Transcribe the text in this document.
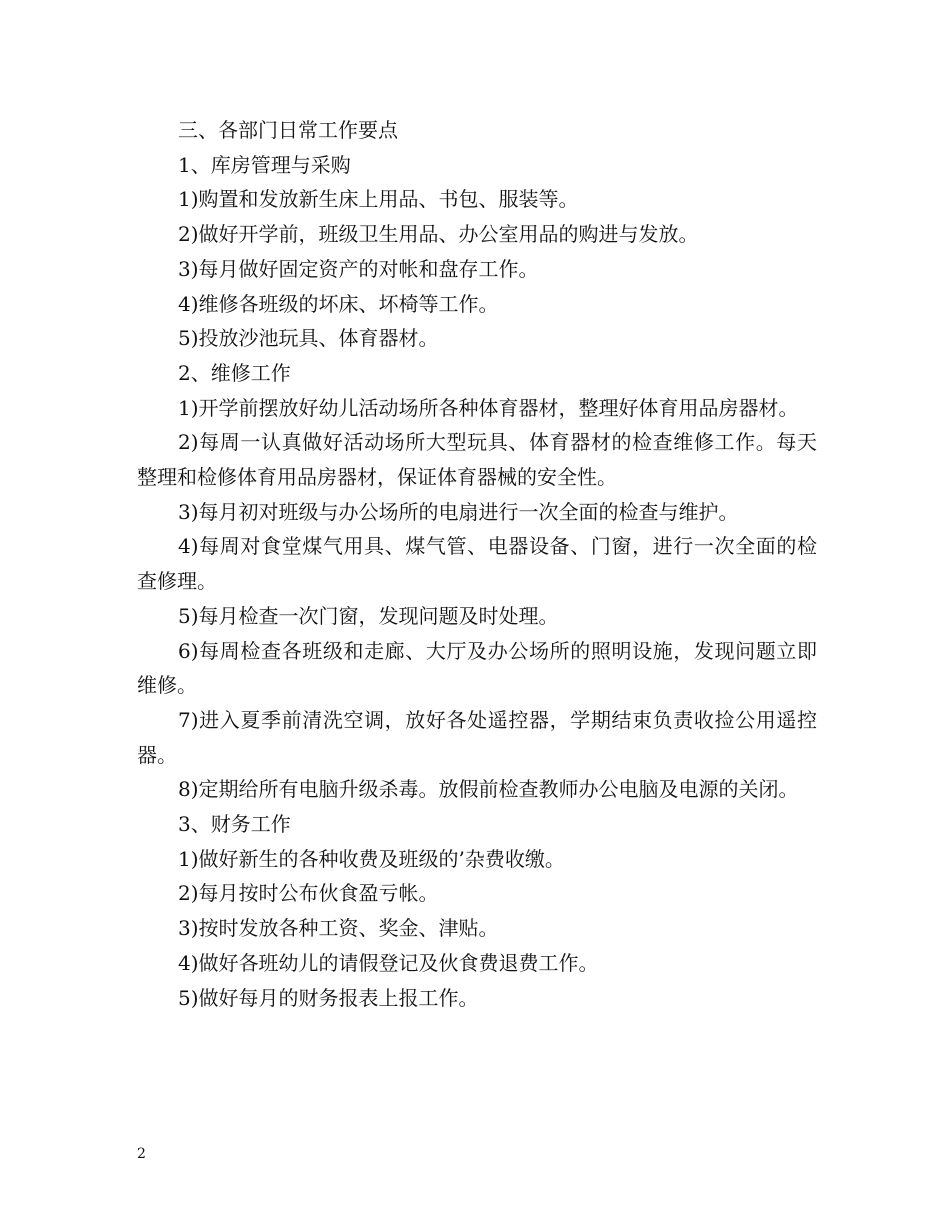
三、各部门日常工作要点

1、库房管理与采购

1)购置和发放新生床上用品、书包、服装等。

2)做好开学前，班级卫生用品、办公室用品的购进与发放。

3)每月做好固定资产的对帐和盘存工作。

4)维修各班级的坏床、坏椅等工作。

5)投放沙池玩具、体育器材。

2、维修工作

1)开学前摆放好幼儿活动场所各种体育器材，整理好体育用品房器材。

2)每周一认真做好活动场所大型玩具、体育器材的检查维修工作。每天整理和检修体育用品房器材，保证体育器械的安全性。

3)每月初对班级与办公场所的电扇进行一次全面的检查与维护。

4)每周对食堂煤气用具、煤气管、电器设备、门窗，进行一次全面的检查修理。

5)每月检查一次门窗，发现问题及时处理。

6)每周检查各班级和走廊、大厅及办公场所的照明设施，发现问题立即维修。

7)进入夏季前清洗空调，放好各处遥控器，学期结束负责收捡公用遥控器。

8)定期给所有电脑升级杀毒。放假前检查教师办公电脑及电源的关闭。

3、财务工作

1)做好新生的各种收费及班级的’杂费收缴。

2)每月按时公布伙食盈亏帐。

3)按时发放各种工资、奖金、津贴。

4)做好各班幼儿的请假登记及伙食费退费工作。

5)做好每月的财务报表上报工作。

2
